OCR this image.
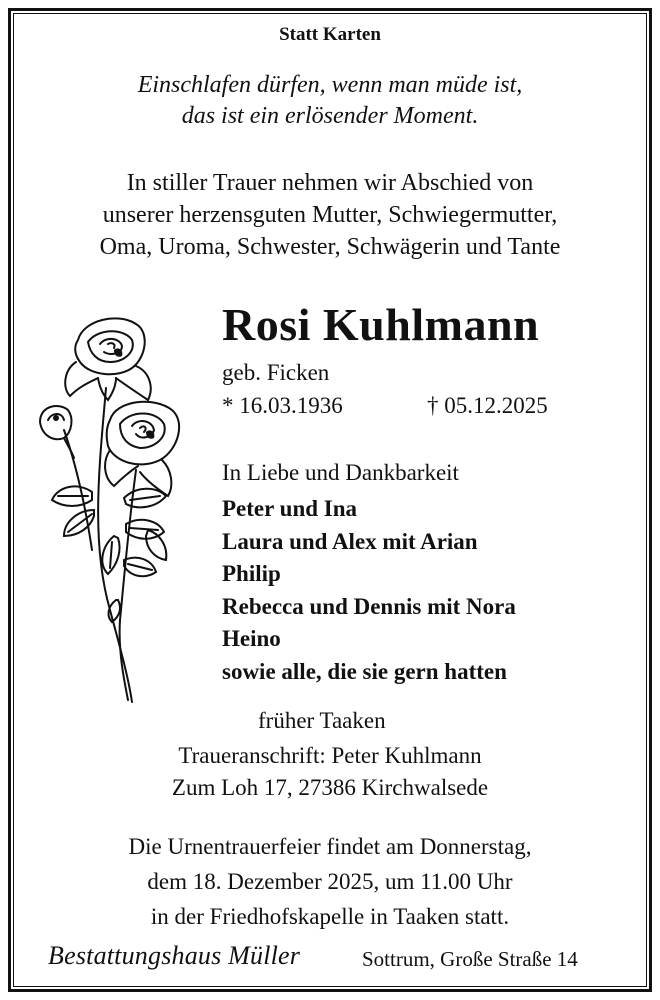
Statt Karten
Einschlafen dürfen, wenn man müde ist,
das ist ein erlösender Moment.
In stiller Trauer nehmen wir Abschied von
unserer herzensguten Mutter, Schwiegermutter,
Oma, Uroma, Schwester, Schwägerin und Tante
Rosi Kuhlmann
geb. Ficken
* 16.03.1936	† 05.12.2025
In Liebe und Dankbarkeit
Peter und Ina
Laura und Alex mit Arian
Philip
Rebecca und Dennis mit Nora
Heino
sowie alle, die sie gern hatten
früher Taaken
Traueranschrift: Peter Kuhlmann
Zum Loh 17, 27386 Kirchwalsede
Die Urnentrauerfeier findet am Donnerstag,
dem 18. Dezember 2025, um 11.00 Uhr
in der Friedhofskapelle in Taaken statt.
Bestattungshaus Müller	Sottrum, Große Straße 14
